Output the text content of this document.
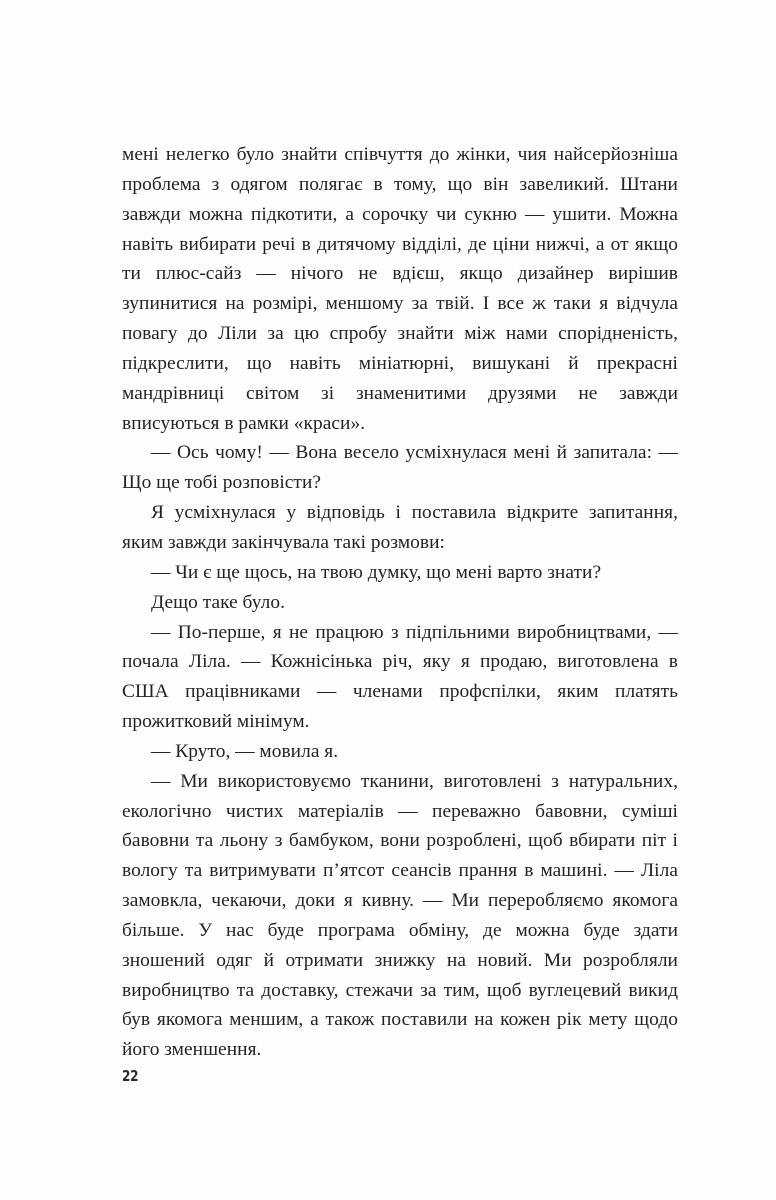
мені нелегко було знайти співчуття до жінки, чия найсерйозніша проблема з одягом полягає в тому, що він завеликий. Штани завжди можна підкотити, а сорочку чи сукню — ушити. Можна навіть вибирати речі в дитячому відділі, де ціни нижчі, а от якщо ти плюс-сайз — нічого не вдієш, якщо дизайнер вирішив зупинитися на розмірі, меншому за твій. І все ж таки я відчула повагу до Ліли за цю спробу знайти між нами спорідненість, підкреслити, що навіть мініатюрні, вишукані й прекрасні мандрівниці світом зі знаменитими друзями не завжди вписуються в рамки «краси».

— Ось чому! — Вона весело усміхнулася мені й запитала: — Що ще тобі розповісти?

Я усміхнулася у відповідь і поставила відкрите запитання, яким завжди закінчувала такі розмови:

— Чи є ще щось, на твою думку, що мені варто знати?

Дещо таке було.

— По-перше, я не працюю з підпільними виробництвами, — почала Ліла. — Кожнісінька річ, яку я продаю, виготовлена в США працівниками — членами профспілки, яким платять прожитковий мінімум.

— Круто, — мовила я.

— Ми використовуємо тканини, виготовлені з натуральних, екологічно чистих матеріалів — переважно бавовни, суміші бавовни та льону з бамбуком, вони розроблені, щоб вбирати піт і вологу та витримувати п’ятсот сеансів прання в машині. — Ліла замовкла, чекаючи, доки я кивну. — Ми переробляємо якомога більше. У нас буде програма обміну, де можна буде здати зношений одяг й отримати знижку на новий. Ми розробляли виробництво та доставку, стежачи за тим, щоб вуглецевий викид був якомога меншим, а також поставили на кожен рік мету щодо його зменшення.

22
